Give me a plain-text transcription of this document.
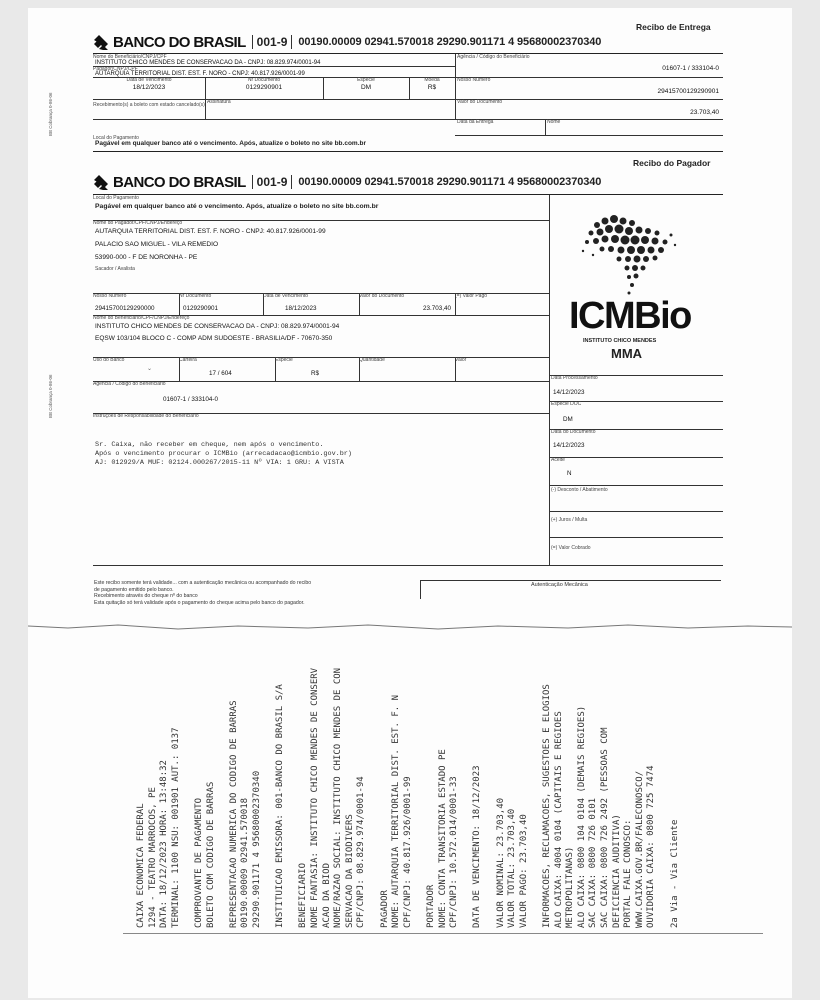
BB Cobrança 0-86-06
Recibo de Entrega
BANCO DO BRASIL 001-9	00190.00009 02941.570018 29290.901171 4 95680002370340
Nome do Beneficiário/CNPJ/CPF
INSTITUTO CHICO MENDES DE CONSERVACAO DA - CNPJ: 08.829.974/0001-94
Agência / Código do Beneficiário
01607-1 / 333104-0
Pagador/CNPJ/CPF
AUTARQUIA TERRITORIAL DIST. EST. F. NORO - CNPJ: 40.817.926/0001-99
Nosso Número
29415700129290901
Data de Vencimento
18/12/2023
Nr Documento
0129290901
Espécie
DM
Moeda
R$
Valor do Documento
23.703,40
Recebimento(s) a boleto com estado cancelado(s) Assinatura
Data da Entrega	Nome
Local do Pagamento
Pagável em qualquer banco até o vencimento. Após, atualize o boleto no site bb.com.br
Recibo do Pagador
BANCO DO BRASIL 001-9	00190.00009 02941.570018 29290.901171 4 95680002370340
BB Cobrança 0-86-06
Local do Pagamento
Pagável em qualquer banco até o vencimento. Após, atualize o boleto no site bb.com.br
Nome do Pagador/CPF/CNPJ/Endereço
AUTARQUIA TERRITORIAL DIST. EST. F. NORO - CNPJ: 40.817.926/0001-99
PALACIO SAO MIGUEL - VILA REMEDIO
53990-000 - F DE NORONHA - PE
Sacador / Avalista
Nosso Número
29415700129290000
Nr Documento
0129290901
Data de Vencimento
18/12/2023
Valor do Documento
23.703,40
(=) Valor Pago
Nome do Beneficiário/CPF/CNPJ/Endereço
INSTITUTO CHICO MENDES DE CONSERVACAO DA - CNPJ: 08.829.974/0001-94
EQSW 103/104 BLOCO C - COMP ADM SUDOESTE - BRASILIA/DF - 70670-350
Uso do Banco
⌄
Carteira
17 / 604
Espécie
R$
Quantidade	Valor
Agência / Código do Beneficiário
01607-1 / 333104-0
Instruções de Responsabilidade do Beneficiário
Sr. Caixa, não receber em cheque, nem após o vencimento.
Após o vencimento procurar o ICMBio (arrecadacao@icmbio.gov.br)
AJ: 012929/A MUF: 02124.000267/2015-11 Nº VIA: 1 GRU: A VISTA
ICMBio
INSTITUTO CHICO MENDES
MMA
Data Processamento
14/12/2023
Espécie DOC
DM
Data do Documento
14/12/2023
Aceite
N
(-) Desconto / Abatimento
(+) Juros / Multa
(=) Valor Cobrado
Este recibo somente terá validade... com a autenticação mecânica ou acompanhado do recibo
de pagamento emitido pelo banco.
Recebimento através do cheque nº do banco
Esta quitação só terá validade após o pagamento do cheque acima pelo banco do pagador.
Autenticação Mecânica
CAIXA ECONOMICA FEDERAL 1294 - TEATRO MARROCOS, PE DATA: 18/12/2023 HORA: 13:48:32 TERMINAL: 1100 NSU: 001901 AUT.: 0137 COMPROVANTE DE PAGAMENTO BOLETO COM CODIGO DE BARRAS REPRESENTACAO NUMERICA DO CODIGO DE BARRAS 00190.00009 02941.570018 29290.901171 4 95680002370340 INSTITUICAO EMISSORA: 001-BANCO DO BRASIL S/A BENEFICIARIO NOME FANTASIA: INSTITUTO CHICO MENDES DE CONSERV ACAO DA BIOD NOME/RAZAO SOCIAL: INSTITUTO CHICO MENDES DE CON SERVACAO DA BIODIVERS CPF/CNPJ: 08.829.974/0001-94 PAGADOR NOME: AUTARQUIA TERRITORIAL DIST. EST. F. N CPF/CNPJ: 40.817.926/0001-99 PORTADOR NOME: CONTA TRANSITORIA ESTADO PE CPF/CNPJ: 10.572.014/0001-33 DATA DE VENCIMENTO: 18/12/2023 VALOR NOMINAL: 23.703,40 VALOR TOTAL: 23.703,40 VALOR PAGO: 23.703,40 INFORMACOES, RECLAMACOES, SUGESTOES E ELOGIOS ALO CAIXA: 4004 0104 (CAPITAIS E REGIOES METROPOLITANAS) ALO CAIXA: 0800 104 0104 (DEMAIS REGIOES) SAC CAIXA: 0800 726 0101 SAC CAIXA: 0800 726 2492 (PESSOAS COM DEFICIENCIA AUDITIVA) PORTAL FALE CONOSCO: WWW.CAIXA.GOV.BR/FALECONOSCO/ OUVIDORIA CAIXA: 0800 725 7474 2a Via - Via Cliente
